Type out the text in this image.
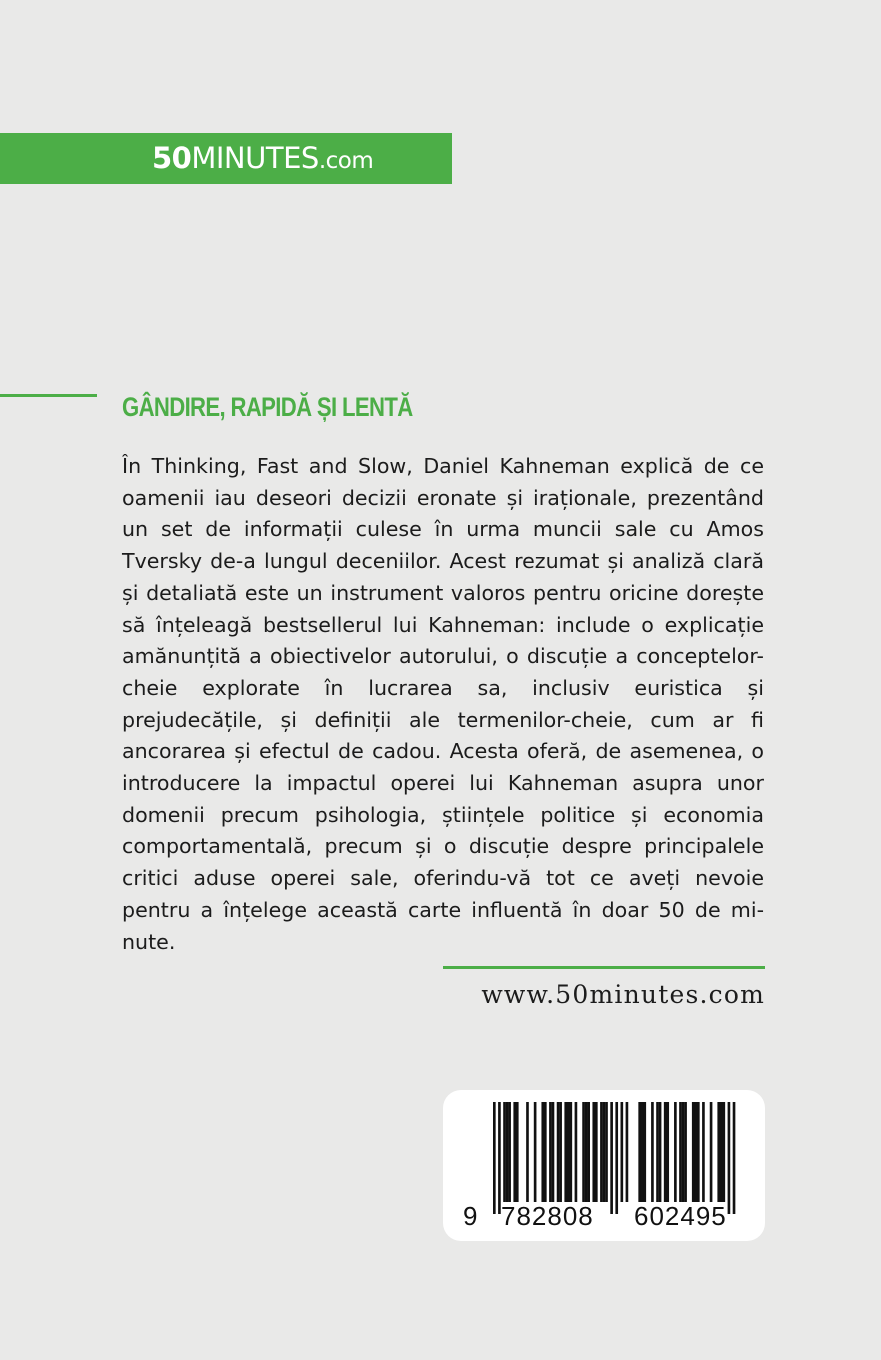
50MINUTES.com
GÂNDIRE, RAPIDĂ ȘI LENTĂ
În Thinking, Fast and Slow, Daniel Kahneman explică de ce oamenii iau deseori decizii eronate și iraționale, prezentând un set de informații culese în urma muncii sale cu Amos Tversky de-a lungul deceniilor. Acest rezumat și analiză clară și detaliată este un instrument valoros pentru oricine dorește să înțeleagă bestsellerul lui Kahneman: include o explicație amănunțită a obiectivelor autorului, o discuție a conceptelor-cheie explorate în lucrarea sa, inclusiv euristica și prejudecățile, și definiții ale termenilor-cheie, cum ar fi ancorarea și efectul de cadou. Acesta oferă, de asemenea, o introducere la impactul operei lui Kahneman asupra unor domenii precum psihologia, științele politice și economia comportamentală, precum și o discuție despre principalele critici aduse operei sale, oferindu-vă tot ce aveți nevoie pentru a înțelege această carte influentă în doar 50 de minute.
www.50minutes.com
9 782808 602495
